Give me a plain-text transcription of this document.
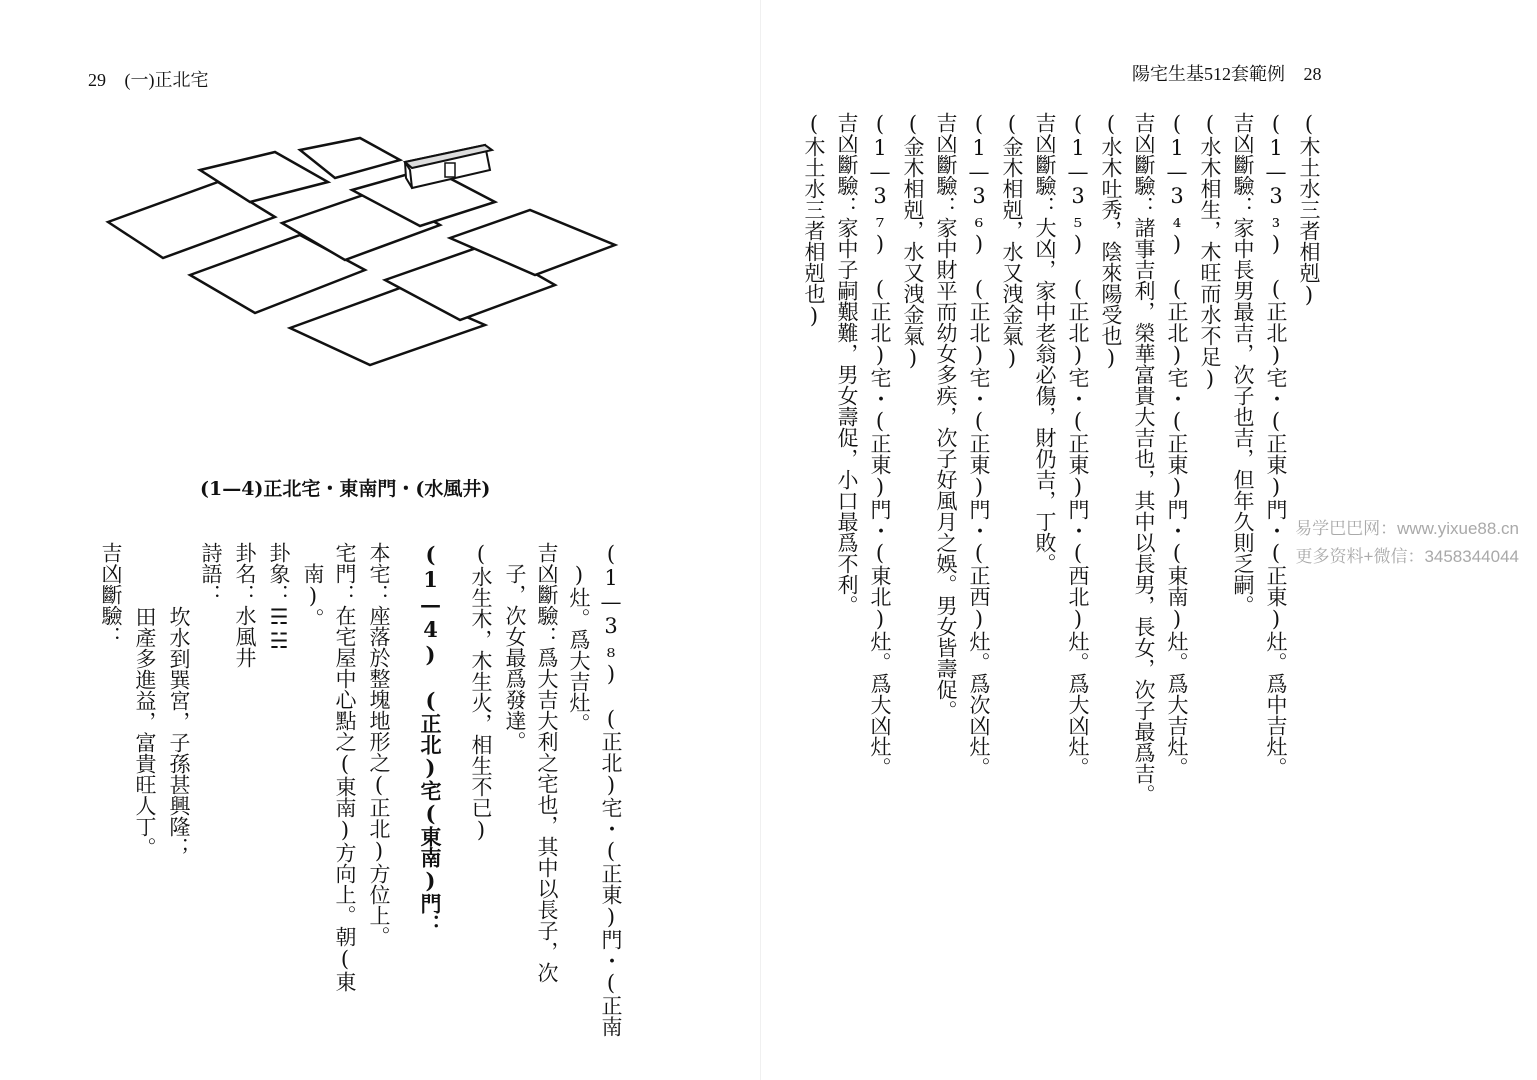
29 (一)正北宅
(1—4)正北宅・東南門・(水風井)
(1—3₈)　(正北)宅・(正東)門・(正南
　)灶。爲大吉灶。
吉凶斷驗：爲大吉大利之宅也，其中以長子，次
　子，次女最爲發達。
(水生木，木生火，相生不已)
(1—4)　(正北)宅(東南)門：
本宅：座落於整塊地形之(正北)方位上。
宅門：在宅屋中心點之(東南)方向上。朝(東
　南)。
卦象：☴☵
卦名：水風井
詩語：
　坎水到巽宮，子孫甚興隆；
　田產多進益，富貴旺人丁。
吉凶斷驗：
陽宅生基512套範例 28
(木土水三者相剋)
(1—3₃)　(正北)宅・(正東)門・(正東)灶。爲中吉灶。
吉凶斷驗：家中長男最吉，次子也吉，但年久則乏嗣。
(水木相生，木旺而水不足)
(1—3₄)　(正北)宅・(正東)門・(東南)灶。爲大吉灶。
吉凶斷驗：諸事吉利，榮華富貴大吉也，其中以長男，長女，次子最爲吉。
(水木吐秀，陰來陽受也)
(1—3₅)　(正北)宅・(正東)門・(西北)灶。爲大凶灶。
吉凶斷驗：大凶，家中老翁必傷，財仍吉，丁敗。
(金木相剋，水又洩金氣)
(1—3₆)　(正北)宅・(正東)門・(正西)灶。爲次凶灶。
吉凶斷驗：家中財平而幼女多疾，次子好風月之娛。男女皆壽促。
(金木相剋，水又洩金氣)
(1—3₇)　(正北)宅・(正東)門・(東北)灶。爲大凶灶。
吉凶斷驗：家中子嗣艱難，男女壽促，小口最爲不利。
(木土水三者相剋也)
易学巴巴网：www.yixue88.cn
更多资料+微信：3458344044
